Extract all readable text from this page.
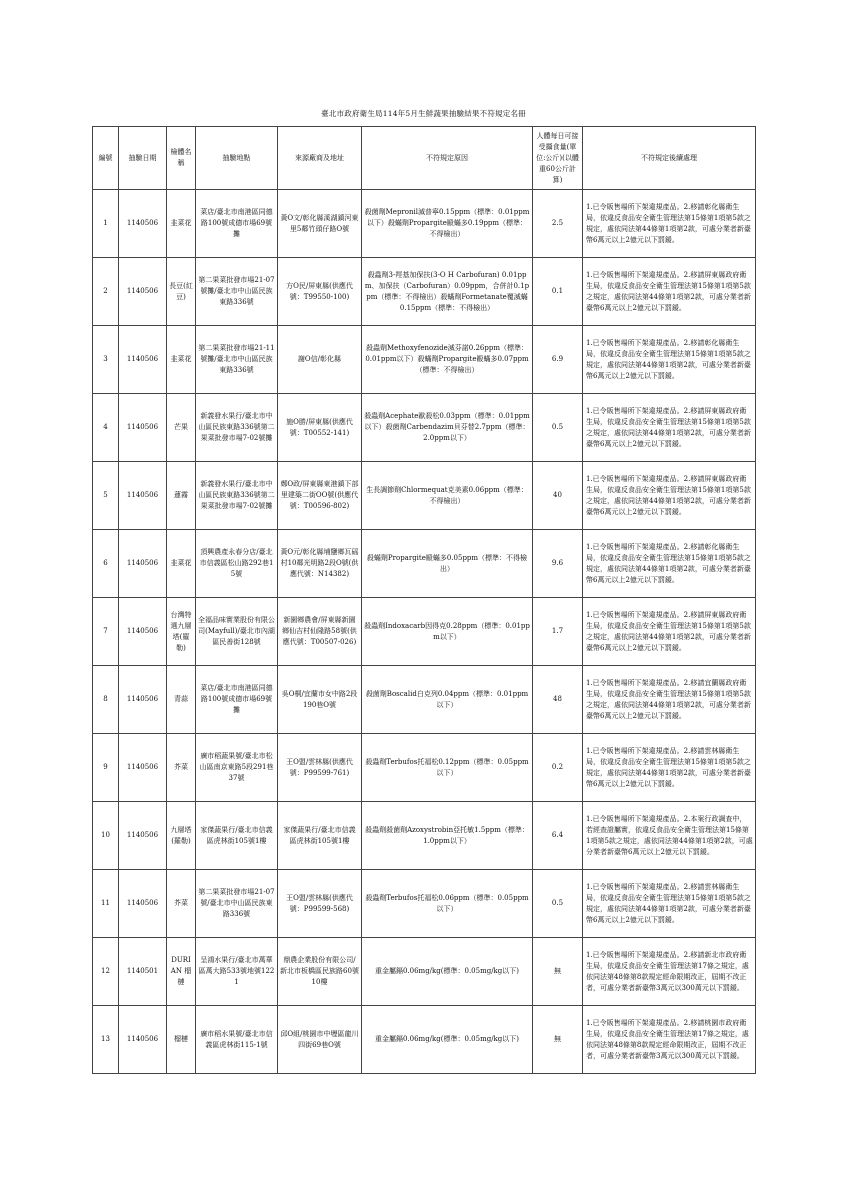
臺北市政府衛生局114年5月生鮮蔬果抽驗結果不符規定名冊
編號	抽驗日期	檢體名稱	抽驗地點	來源廠商及地址	不符規定原因	人體每日可接受攝食量(單位:公斤)(以體重60公斤計算)	不符規定後續處理
1	1140506	韭菜花	菜店/臺北市南港區同德路100號成德市場69號攤	黃O文/彰化縣溪湖鎮河東里5鄰竹頭仔路O號	殺菌劑Mepronil滅普寧0.15ppm（標準：0.01ppm以下）殺蟎劑Propargite毆蟎多0.19ppm（標準：不得檢出）	2.5	1.已令販售場所下架違規產品。2.移請彰化縣衛生局，依違反食品安全衛生管理法第15條第1項第5款之規定，處依同法第44條第1項第2款，可處分業者新臺幣6萬元以上2億元以下罰鍰。
2	1140506	長豆(紅豆)	第二果菜批發市場21-07號攤/臺北市中山區民族東路336號	方O民/屏東縣(供應代號：T99550-100)	殺蟲劑3-羥基加保扶(3-O H Carbofuran) 0.01ppm、加保扶（Carbofuran）0.09ppm，合併計0.1ppm（標準：不得檢出）殺蟎劑Formetanate覆滅蟎0.15ppm（標準：不得檢出）	0.1	1.已令販售場所下架違規產品。2.移請屏東縣政府衛生局，依違反食品安全衛生管理法第15條第1項第5款之規定，處依同法第44條第1項第2款，可處分業者新臺幣6萬元以上2億元以下罰鍰。
3	1140506	韭菜花	第二果菜批發市場21-11號攤/臺北市中山區民族東路336號	謝O信/彰化縣	殺蟲劑Methoxyfenozide滅芬諾0.26ppm（標準：0.01ppm以下）殺蟎劑Propargite毆蟎多0.07ppm（標準：不得檢出）	6.9	1.已令販售場所下架違規產品。2.移請彰化縣衛生局，依違反食品安全衛生管理法第15條第1項第5款之規定，處依同法第44條第1項第2款，可處分業者新臺幣6萬元以上2億元以下罰鍰。
4	1140506	芒果	新義發水果行/臺北市中山區民族東路336號第二果菜批發市場7-02號攤	施O勝/屏東縣(供應代號：T00552-141)	殺蟲劑Acephate歐殺松0.03ppm（標準：0.01ppm以下）殺菌劑Carbendazim貝芬替2.7ppm（標準：2.0ppm以下）	0.5	1.已令販售場所下架違規產品。2.移請屏東縣政府衛生局，依違反食品安全衛生管理法第15條第1項第5款之規定，處依同法第44條第1項第2款，可處分業者新臺幣6萬元以上2億元以下罰鍰。
5	1140506	蓮霧	新義發水果行/臺北市中山區民族東路336號第二果菜批發市場7-02號攤	鄭O政/屏東縣東港鎮下部里建築二街OO號(供應代號：T00596-802)	生長調節劑Chlormequat克美素0.06ppm（標準：不得檢出）	40	1.已令販售場所下架違規產品。2.移請屏東縣政府衛生局，依違反食品安全衛生管理法第15條第1項第5款之規定，處依同法第44條第1項第2款，可處分業者新臺幣6萬元以上2億元以下罰鍰。
6	1140506	韭菜花	頂興農產永春分店/臺北市信義區松山路292巷15號	黃O元/彰化縣埔鹽鄉瓦磘村10鄰光明路2段O號(供應代號：N14382)	殺蟎劑Propargite毆蟎多0.05ppm（標準：不得檢出）	9.6	1.已令販售場所下架違規產品。2.移請彰化縣衛生局，依違反食品安全衛生管理法第15條第1項第5款之規定，處依同法第44條第1項第2款，可處分業者新臺幣6萬元以上2億元以下罰鍰。
7	1140506	台灣特選九層塔(羅勒)	全福品味實業股份有限公司(Mayfull)/臺北市內湖區民善街128號	新園鄉農會/屏東縣新園鄉仙吉村仙隆路58號(供應代號：T00507-026)	殺蟲劑Indoxacarb因得克0.28ppm（標準：0.01ppm以下）	1.7	1.已令販售場所下架違規產品。2.移請屏東縣政府衛生局，依違反食品安全衛生管理法第15條第1項第5款之規定，處依同法第44條第1項第2款，可處分業者新臺幣6萬元以上2億元以下罰鍰。
8	1140506	青蒜	菜店/臺北市南港區同德路100號成德市場69號攤	吳O桐/宜蘭市女中路2段190巷O號	殺菌劑Boscalid白克列0.04ppm（標準：0.01ppm以下）	48	1.已令販售場所下架違規產品。2.移請宜蘭縣政府衛生局，依違反食品安全衛生管理法第15條第1項第5款之規定，處依同法第44條第1項第2款，可處分業者新臺幣6萬元以上2億元以下罰鍰。
9	1140506	芥菜	廣市稻蔬果號/臺北市松山區南京東路5段291巷37號	王O盟/雲林縣(供應代號：P99599-761)	殺蟲劑Terbufos托福松0.12ppm（標準：0.05ppm以下）	0.2	1.已令販售場所下架違規產品。2.移請雲林縣衛生局，依違反食品安全衛生管理法第15條第1項第5款之規定，處依同法第44條第1項第2款，可處分業者新臺幣6萬元以上2億元以下罰鍰。
10	1140506	九層塔(羅勒)	家傑蔬果行/臺北市信義區虎林街105號1樓	家傑蔬果行/臺北市信義區虎林街105號1樓	殺蟲劑殺菌劑Azoxystrobin亞托敏1.5ppm（標準：1.0ppm以下）	6.4	1.已令販售場所下架違規產品。2.本案行政調查中，若經查證屬實，依違反食品安全衛生管理法第15條第1項第5款之規定，處依同法第44條第1項第2款，可處分業者新臺幣6萬元以上2億元以下罰鍰。
11	1140506	芥菜	第二果菜批發市場21-07號/臺北市中山區民族東路336號	王O盟/雲林縣(供應代號：P99599-568)	殺蟲劑Terbufos托福松0.06ppm（標準：0.05ppm以下）	0.5	1.已令販售場所下架違規產品。2.移請雲林縣衛生局，依違反食品安全衛生管理法第15條第1項第5款之規定，處依同法第44條第1項第2款，可處分業者新臺幣6萬元以上2億元以下罰鍰。
12	1140501	DURIAN 榴槤	呈鴻水果行/臺北市萬華區萬大路533號地號1221	鼎農企業股份有限公司/新北市板橋區民族路60號10樓	重金屬鎘0.06mg/kg(標準：0.05mg/kg以下)	無	1.已令販售場所下架違規產品。2.移請新北市政府衛生局，依違反食品安全衛生管理法第17條之規定，處依同法第48條第8款規定經命限期改正，屆期不改正者，可處分業者新臺幣3萬元以300萬元以下罰鍰。
13	1140506	榴槤	廣市稻水果號/臺北市信義區虎林街115-1號	邱O組/桃園市中壢區龍川四街69巷O號	重金屬鎘0.06mg/kg(標準：0.05mg/kg以下)	無	1.已令販售場所下架違規產品。2.移請桃園市政府衛生局，依違反食品安全衛生管理法第17條之規定，處依同法第48條第8款規定經命限期改正，屆期不改正者，可處分業者新臺幣3萬元以300萬元以下罰鍰。
